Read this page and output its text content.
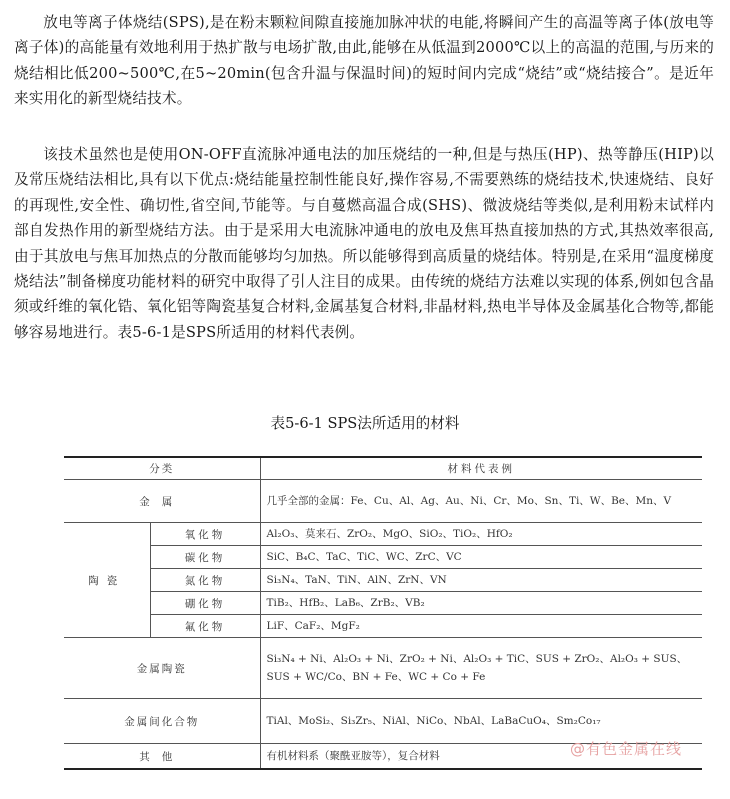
放电等离子体烧结(SPS),是在粉末颗粒间隙直接施加脉冲状的电能,将瞬间产生的高温等离子体(放电等离子体)的高能量有效地利用于热扩散与电场扩散,由此,能够在从低温到2000℃以上的高温的范围,与历来的烧结相比低200~500℃,在5~20min(包含升温与保温时间)的短时间内完成“烧结”或“烧结接合”。是近年来实用化的新型烧结技术。

该技术虽然也是使用ON-OFF直流脉冲通电法的加压烧结的一种,但是与热压(HP)、热等静压(HIP)以及常压烧结法相比,具有以下优点:烧结能量控制性能良好,操作容易,不需要熟练的烧结技术,快速烧结、良好的再现性,安全性、确切性,省空间,节能等。与自蔓燃高温合成(SHS)、微波烧结等类似,是利用粉末试样内部自发热作用的新型烧结方法。由于是采用大电流脉冲通电的放电及焦耳热直接加热的方式,其热效率很高,由于其放电与焦耳加热点的分散而能够均匀加热。所以能够得到高质量的烧结体。特别是,在采用“温度梯度烧结法”制备梯度功能材料的研究中取得了引人注目的成果。由传统的烧结方法难以实现的体系,例如包含晶须或纤维的氧化锆、氧化铝等陶瓷基复合材料,金属基复合材料,非晶材料,热电半导体及金属基化合物等,都能够容易地进行。表5-6-1是SPS所适用的材料代表例。

表5-6-1 SPS法所适用的材料
分类		材料代表例
金属		几乎全部的金属：Fe、Cu、Al、Ag、Au、Ni、Cr、Mo、Sn、Ti、W、Be、Mn、V
陶瓷	氧化物	Al₂O₃、莫来石、ZrO₂、MgO、SiO₂、TiO₂、HfO₂
	碳化物	SiC、B₄C、TaC、TiC、WC、ZrC、VC
	氮化物	Si₃N₄、TaN、TiN、AlN、ZrN、VN
	硼化物	TiB₂、HfB₂、LaB₆、ZrB₂、VB₂
	氟化物	LiF、CaF₂、MgF₂
金属陶瓷		Si₃N₄ + Ni、Al₂O₃ + Ni、ZrO₂ + Ni、Al₂O₃ + TiC、SUS + ZrO₂、Al₂O₃ + SUS、SUS + WC/Co、BN + Fe、WC + Co + Fe
金属间化合物		TiAl、MoSi₂、Si₃Zr₅、NiAl、NiCo、NbAl、LaBaCuO₄、Sm₂Co₁₇
其他		有机材料系（聚酰亚胺等），复合材料	@有色金属在线
